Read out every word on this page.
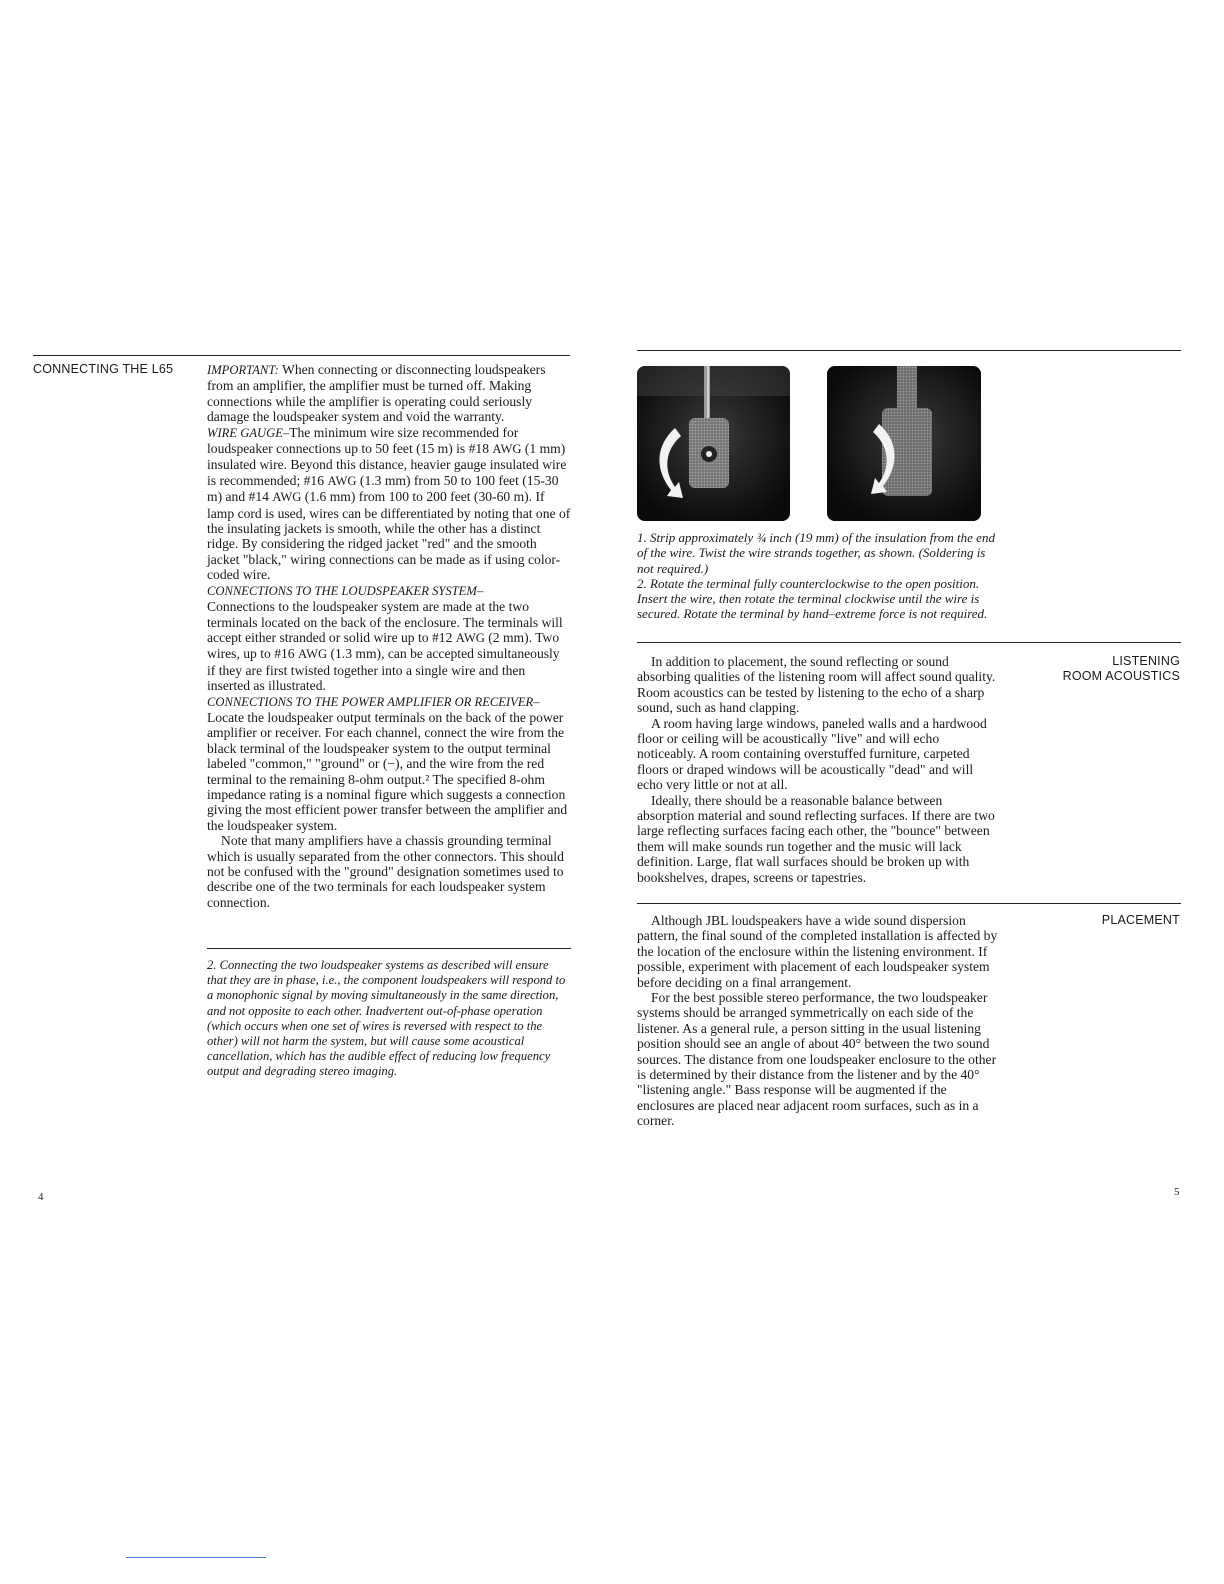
CONNECTING THE L65	IMPORTANT: When connecting or disconnecting loudspeakers from an amplifier, the amplifier must be turned off. Making connections while the amplifier is operating could seriously damage the loudspeaker system and void the warranty.

WIRE GAUGE–The minimum wire size recommended for loudspeaker connections up to 50 feet (15 m) is #18 AWG (1 mm) insulated wire. Beyond this distance, heavier gauge insulated wire is recommended; #16 AWG (1.3 mm) from 50 to 100 feet (15-30 m) and #14 AWG (1.6 mm) from 100 to 200 feet (30-60 m). If lamp cord is used, wires can be differentiated by noting that one of the insulating jackets is smooth, while the other has a distinct ridge. By considering the ridged jacket "red" and the smooth jacket "black," wiring connections can be made as if using color-coded wire.

CONNECTIONS TO THE LOUDSPEAKER SYSTEM–
Connections to the loudspeaker system are made at the two terminals located on the back of the enclosure. The terminals will accept either stranded or solid wire up to #12 AWG (2 mm). Two wires, up to #16 AWG (1.3 mm), can be accepted simultaneously if they are first twisted together into a single wire and then inserted as illustrated.

CONNECTIONS TO THE POWER AMPLIFIER OR RECEIVER–
Locate the loudspeaker output terminals on the back of the power amplifier or receiver. For each channel, connect the wire from the black terminal of the loudspeaker system to the output terminal labeled "common," "ground" or (−), and the wire from the red terminal to the remaining 8-ohm output.² The specified 8-ohm impedance rating is a nominal figure which suggests a connection giving the most efficient power transfer between the amplifier and the loudspeaker system.

Note that many amplifiers have a chassis grounding terminal which is usually separated from the other connectors. This should not be confused with the "ground" designation sometimes used to describe one of the two terminals for each loudspeaker system connection.

2. Connecting the two loudspeaker systems as described will ensure that they are in phase, i.e., the component loudspeakers will respond to a monophonic signal by moving simultaneously in the same direction, and not opposite to each other. Inadvertent out-of-phase operation (which occurs when one set of wires is reversed with respect to the other) will not harm the system, but will cause some acoustical cancellation, which has the audible effect of reducing low frequency output and degrading stereo imaging.

4

1. Strip approximately ¾ inch (19 mm) of the insulation from the end of the wire. Twist the wire strands together, as shown. (Soldering is not required.)

2. Rotate the terminal fully counterclockwise to the open position. Insert the wire, then rotate the terminal clockwise until the wire is secured. Rotate the terminal by hand–extreme force is not required.

LISTENING
ROOM ACOUSTICS

In addition to placement, the sound reflecting or sound absorbing qualities of the listening room will affect sound quality. Room acoustics can be tested by listening to the echo of a sharp sound, such as hand clapping.

A room having large windows, paneled walls and a hardwood floor or ceiling will be acoustically "live" and will echo noticeably. A room containing overstuffed furniture, carpeted floors or draped windows will be acoustically "dead" and will echo very little or not at all.

Ideally, there should be a reasonable balance between absorption material and sound reflecting surfaces. If there are two large reflecting surfaces facing each other, the "bounce" between them will make sounds run together and the music will lack definition. Large, flat wall surfaces should be broken up with bookshelves, drapes, screens or tapestries.

PLACEMENT

Although JBL loudspeakers have a wide sound dispersion pattern, the final sound of the completed installation is affected by the location of the enclosure within the listening environment. If possible, experiment with placement of each loudspeaker system before deciding on a final arrangement.

For the best possible stereo performance, the two loudspeaker systems should be arranged symmetrically on each side of the listener. As a general rule, a person sitting in the usual listening position should see an angle of about 40° between the two sound sources. The distance from one loudspeaker enclosure to the other is determined by their distance from the listener and by the 40° "listening angle." Bass response will be augmented if the enclosures are placed near adjacent room surfaces, such as in a corner.

5
